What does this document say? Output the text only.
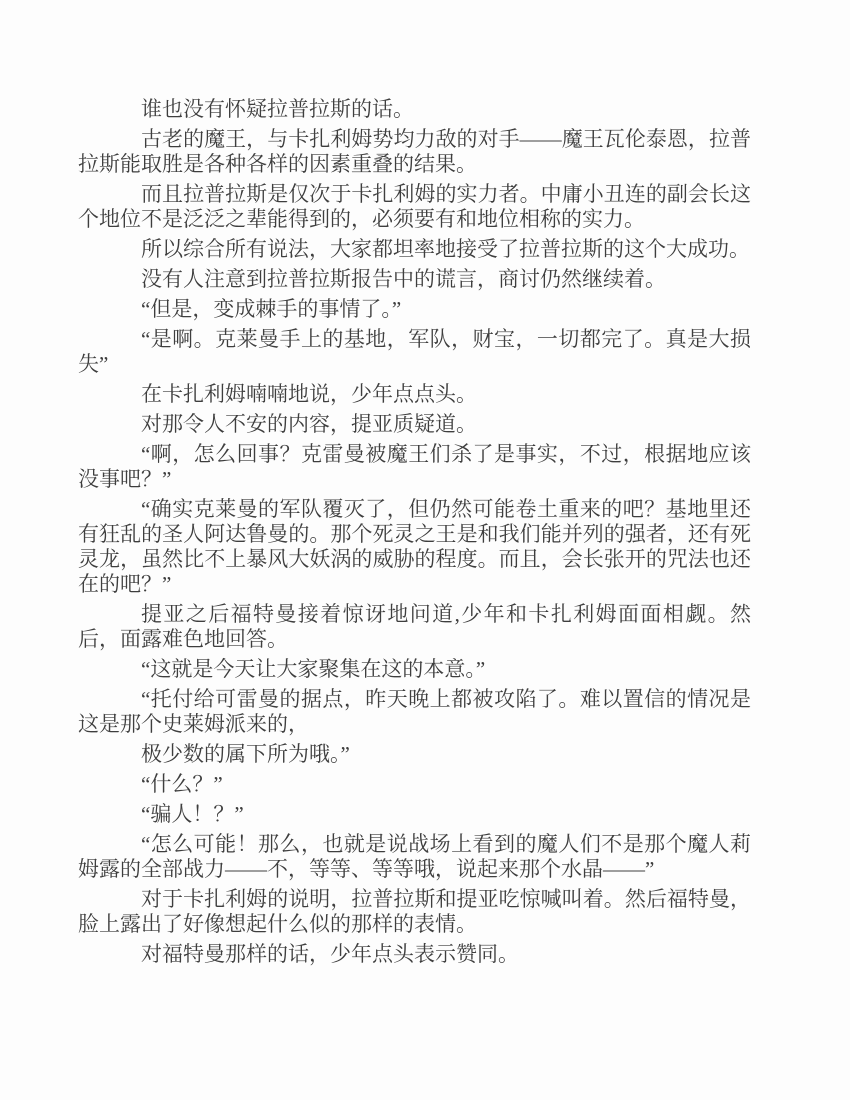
谁也没有怀疑拉普拉斯的话。

古老的魔王，与卡扎利姆势均力敌的对手——魔王瓦伦泰恩，拉普拉斯能取胜是各种各样的因素重叠的结果。

而且拉普拉斯是仅次于卡扎利姆的实力者。中庸小丑连的副会长这个地位不是泛泛之辈能得到的，必须要有和地位相称的实力。

所以综合所有说法，大家都坦率地接受了拉普拉斯的这个大成功。

没有人注意到拉普拉斯报告中的谎言，商讨仍然继续着。

“但是，变成棘手的事情了。”

“是啊。克莱曼手上的基地，军队，财宝，一切都完了。真是大损失”

在卡扎利姆喃喃地说，少年点点头。

对那令人不安的内容，提亚质疑道。

“啊，怎么回事？克雷曼被魔王们杀了是事实，不过，根据地应该没事吧？”

“确实克莱曼的军队覆灭了，但仍然可能卷土重来的吧？基地里还有狂乱的圣人阿达鲁曼的。那个死灵之王是和我们能并列的强者，还有死灵龙，虽然比不上暴风大妖涡的威胁的程度。而且，会长张开的咒法也还在的吧？”

提亚之后福特曼接着惊讶地问道,少年和卡扎利姆面面相觑。然后，面露难色地回答。

“这就是今天让大家聚集在这的本意。”

“托付给可雷曼的据点，昨天晚上都被攻陷了。难以置信的情况是这是那个史莱姆派来的，

极少数的属下所为哦。”

“什么？”

“骗人！？”

“怎么可能！那么，也就是说战场上看到的魔人们不是那个魔人莉姆露的全部战力——不，等等、等等哦，说起来那个水晶——”

对于卡扎利姆的说明，拉普拉斯和提亚吃惊喊叫着。然后福特曼，脸上露出了好像想起什么似的那样的表情。

对福特曼那样的话，少年点头表示赞同。
